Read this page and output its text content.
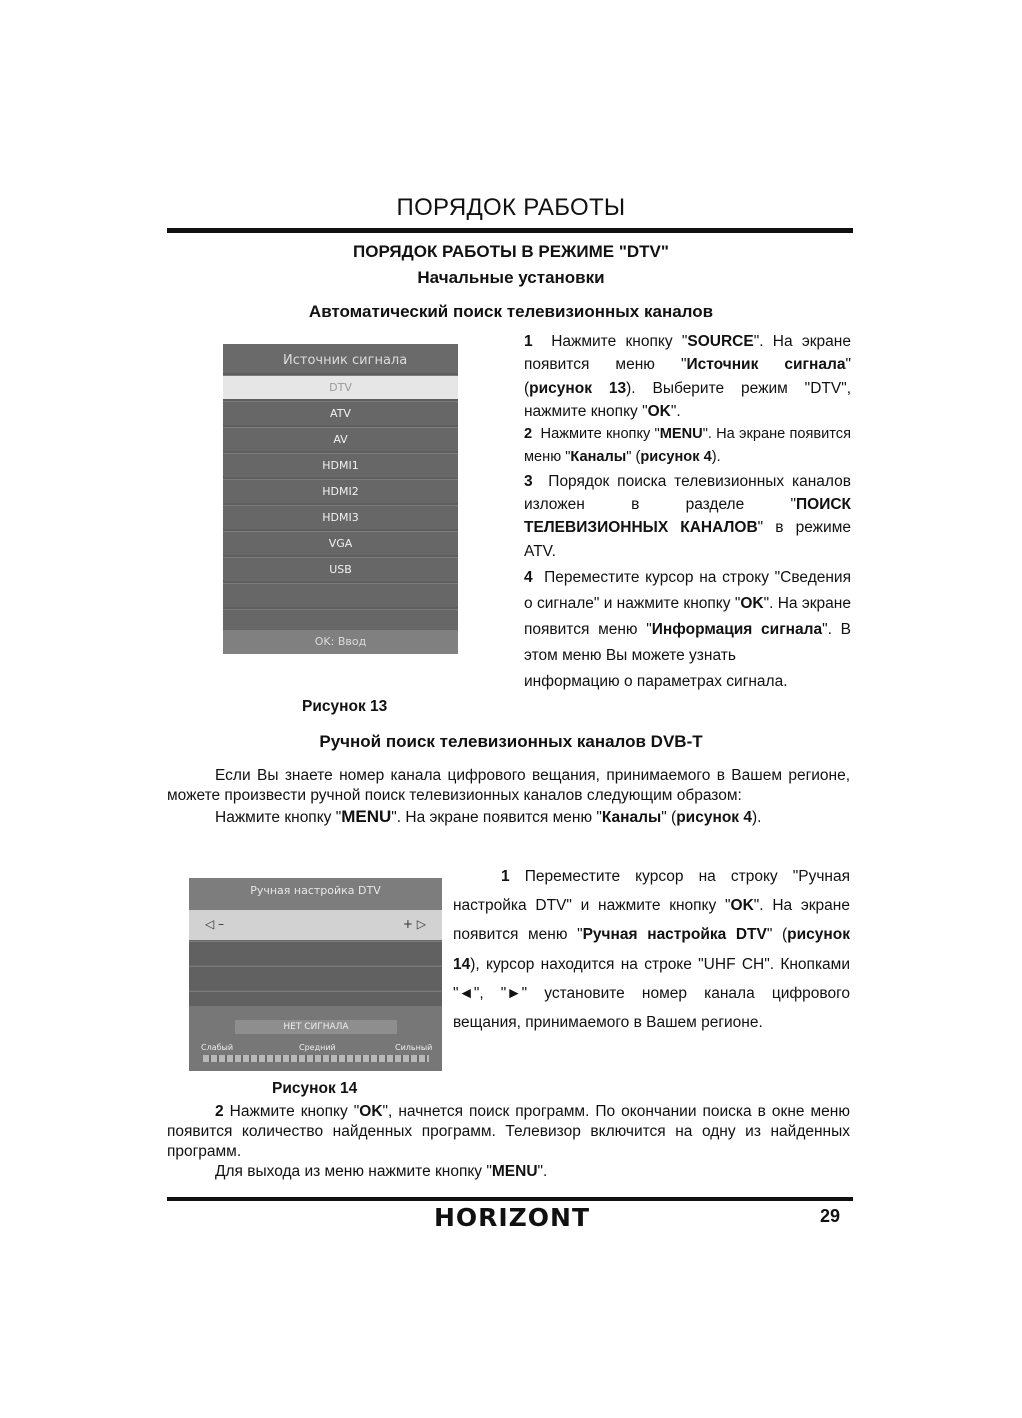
ПОРЯДОК РАБОТЫ
ПОРЯДОК РАБОТЫ В РЕЖИМЕ "DTV"
Начальные установки
Автоматический поиск телевизионных каналов
Источник сигнала
DTV
ATV
AV
HDMI1
HDMI2
HDMI3
VGA
USB
OK: Ввод
Рисунок 13

1 Нажмите кнопку "SOURCE". На экране появится меню "Источник сигнала" (рисунок 13). Выберите режим "DTV", нажмите кнопку "OK".

2 Нажмите кнопку "MENU". На экране появится меню "Каналы" (рисунок 4).

3 Порядок поиска телевизионных каналов изложен в разделе "ПОИСК ТЕЛЕВИЗИОННЫХ КАНАЛОВ" в режиме ATV.

4 Переместите курсор на строку "Сведения о сигнале" и нажмите кнопку "OK". На экране появится меню "Информация сигнала". В этом меню Вы можете узнать

информацию о параметрах сигнала.

Ручной поиск телевизионных каналов DVB-T

Если Вы знаете номер канала цифрового вещания, принимаемого в Вашем регионе, можете произвести ручной поиск телевизионных каналов следующим образом:

Нажмите кнопку "MENU". На экране появится меню "Каналы" (рисунок 4).

Ручная настройка DTV
◁ –	+ ▷
НЕТ СИГНАЛА
Слабый	Средний	Сильный

1 Переместите курсор на строку "Ручная настройка DTV" и нажмите кнопку "OK". На экране появится меню "Ручная настройка DTV" (рисунок 14), курсор находится на строке "UHF CH". Кнопками "◄", "►" установите номер канала цифрового вещания, принимаемого в Вашем регионе.

Рисунок 14

2 Нажмите кнопку "OK", начнется поиск программ. По окончании поиска в окне меню появится количество найденных программ. Телевизор включится на одну из найденных программ.

Для выхода из меню нажмите кнопку "MENU".

HORIZONT	29
